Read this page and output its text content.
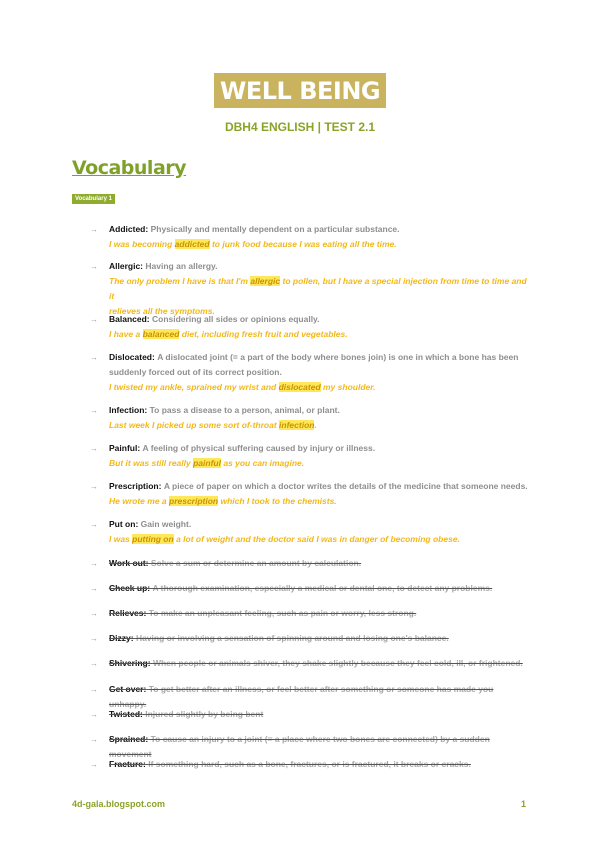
WELL BEING
DBH4 ENGLISH | TEST 2.1
Vocabulary
Vocabulary 1
→ Addicted: Physically and mentally dependent on a particular substance.
I was becoming addicted to junk food because I was eating all the time.
→ Allergic: Having an allergy.
The only problem I have is that I'm allergic to pollen, but I have a special injection from time to time and it
relieves all the symptoms.
→ Balanced: Considering all sides or opinions equally.
I have a balanced diet, including fresh fruit and vegetables.
→ Dislocated: A dislocated joint (= a part of the body where bones join) is one in which a bone has been
suddenly forced out of its correct position.
I twisted my ankle, sprained my wrist and dislocated my shoulder.
→ Infection: To pass a disease to a person, animal, or plant.
Last week I picked up some sort of-throat infection.
→ Painful: A feeling of physical suffering caused by injury or illness.
But it was still really painful as you can imagine.
→ Prescription: A piece of paper on which a doctor writes the details of the medicine that someone needs.
He wrote me a prescription which I took to the chemists.
→ Put on: Gain weight.
I was putting on a lot of weight and the doctor said I was in danger of becoming obese.
→ Work out: Solve a sum or determine an amount by calculation.
→ Check up: A thorough examination, especially a medical or dental one, to detect any problems.
→ Relieves: To make an unpleasant feeling, such as pain or worry, less strong.
→ Dizzy: Having or involving a sensation of spinning around and losing one's balance.
→ Shivering: When people or animals shiver, they shake slightly because they feel cold, ill, or frightened.
→ Get over: To get better after an illness, or feel better after something or someone has made you unhappy.
→ Twisted: Injured slightly by being bent
→ Sprained: To cause an injury to a joint (= a place where two bones are connected) by a sudden movement
→ Fracture: If something hard, such as a bone, fractures, or is fractured, it breaks or cracks.
4d-gala.blogspot.com	1
